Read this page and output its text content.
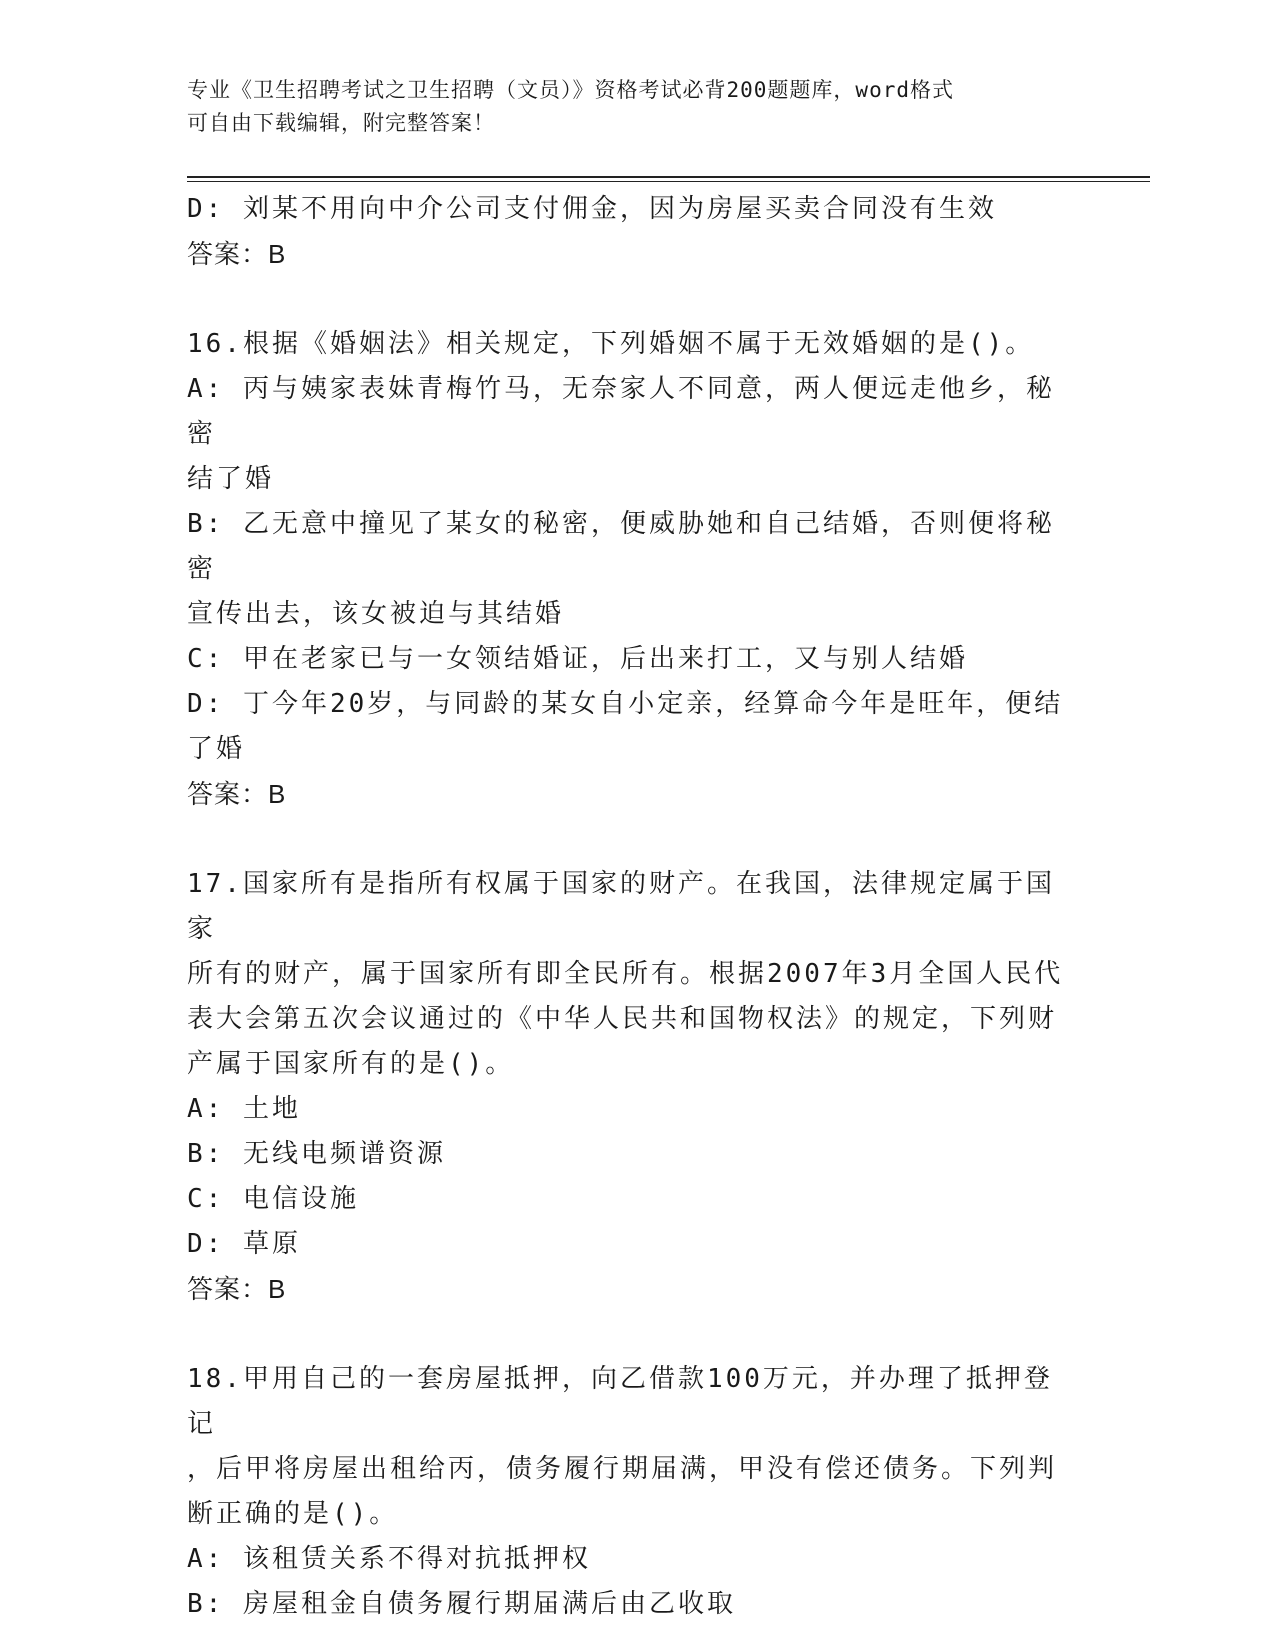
专业《卫生招聘考试之卫生招聘（文员）》资格考试必背200题题库，word格式
可自由下载编辑，附完整答案！

D: 刘某不用向中介公司支付佣金，因为房屋买卖合同没有生效

答案：B

16.根据《婚姻法》相关规定，下列婚姻不属于无效婚姻的是()。

A: 丙与姨家表妹青梅竹马，无奈家人不同意，两人便远走他乡，秘密

结了婚

B: 乙无意中撞见了某女的秘密，便威胁她和自己结婚，否则便将秘密

宣传出去，该女被迫与其结婚

C: 甲在老家已与一女领结婚证，后出来打工，又与别人结婚

D: 丁今年20岁，与同龄的某女自小定亲，经算命今年是旺年，便结

了婚

答案：B

17.国家所有是指所有权属于国家的财产。在我国，法律规定属于国家

所有的财产，属于国家所有即全民所有。根据2007年3月全国人民代

表大会第五次会议通过的《中华人民共和国物权法》的规定，下列财

产属于国家所有的是()。

A: 土地

B: 无线电频谱资源

C: 电信设施

D: 草原

答案：B

18.甲用自己的一套房屋抵押，向乙借款100万元，并办理了抵押登记

，后甲将房屋出租给丙，债务履行期届满，甲没有偿还债务。下列判

断正确的是()。

A: 该租赁关系不得对抗抵押权

B: 房屋租金自债务履行期届满后由乙收取
